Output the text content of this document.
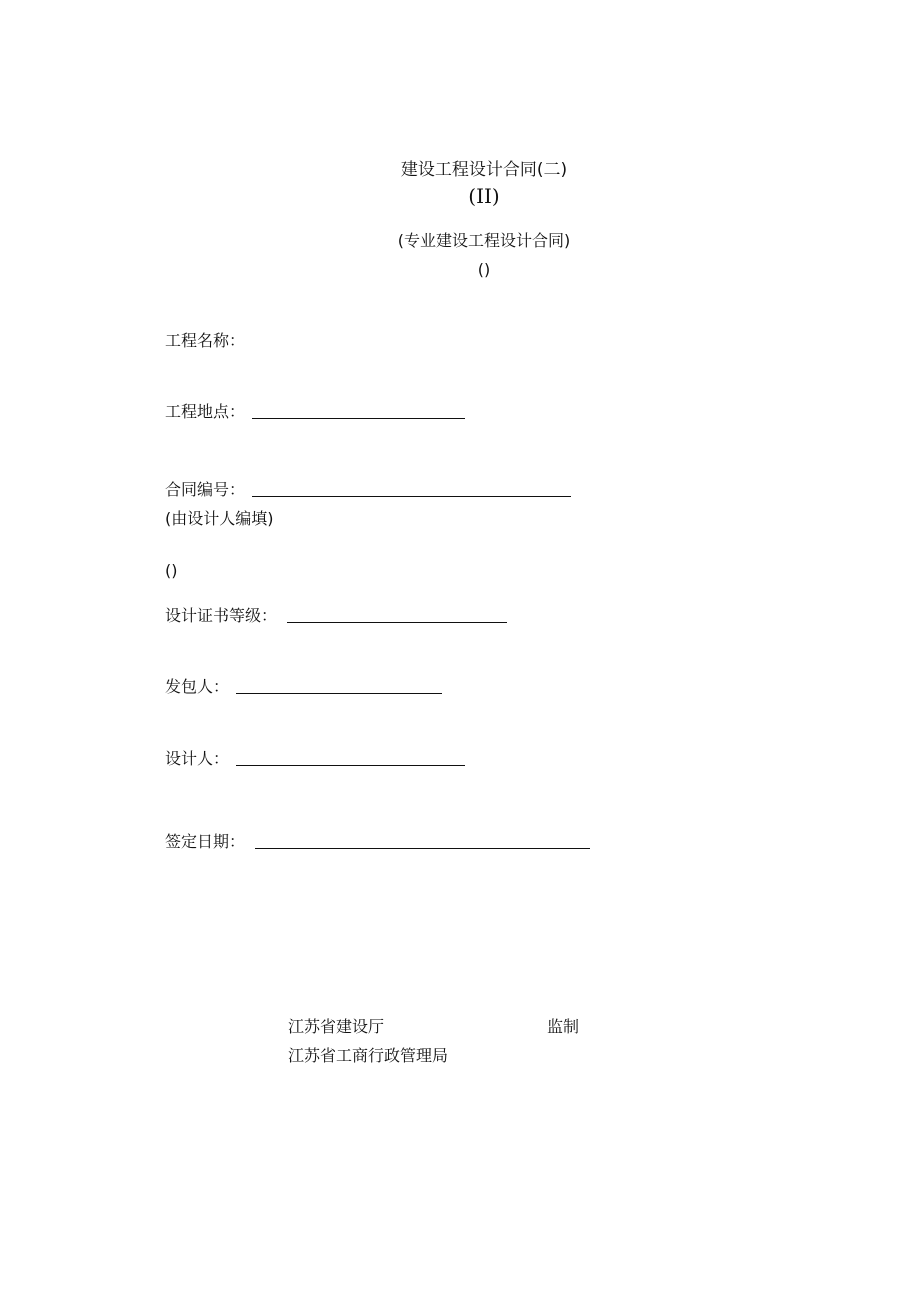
建设工程设计合同(二)
(II)
(专业建设工程设计合同)
()
工程名称：
工程地点：
合同编号：
(由设计人编填)
()
设计证书等级：
发包人：
设计人：
签定日期：
江苏省建设厅	监制
江苏省工商行政管理局
